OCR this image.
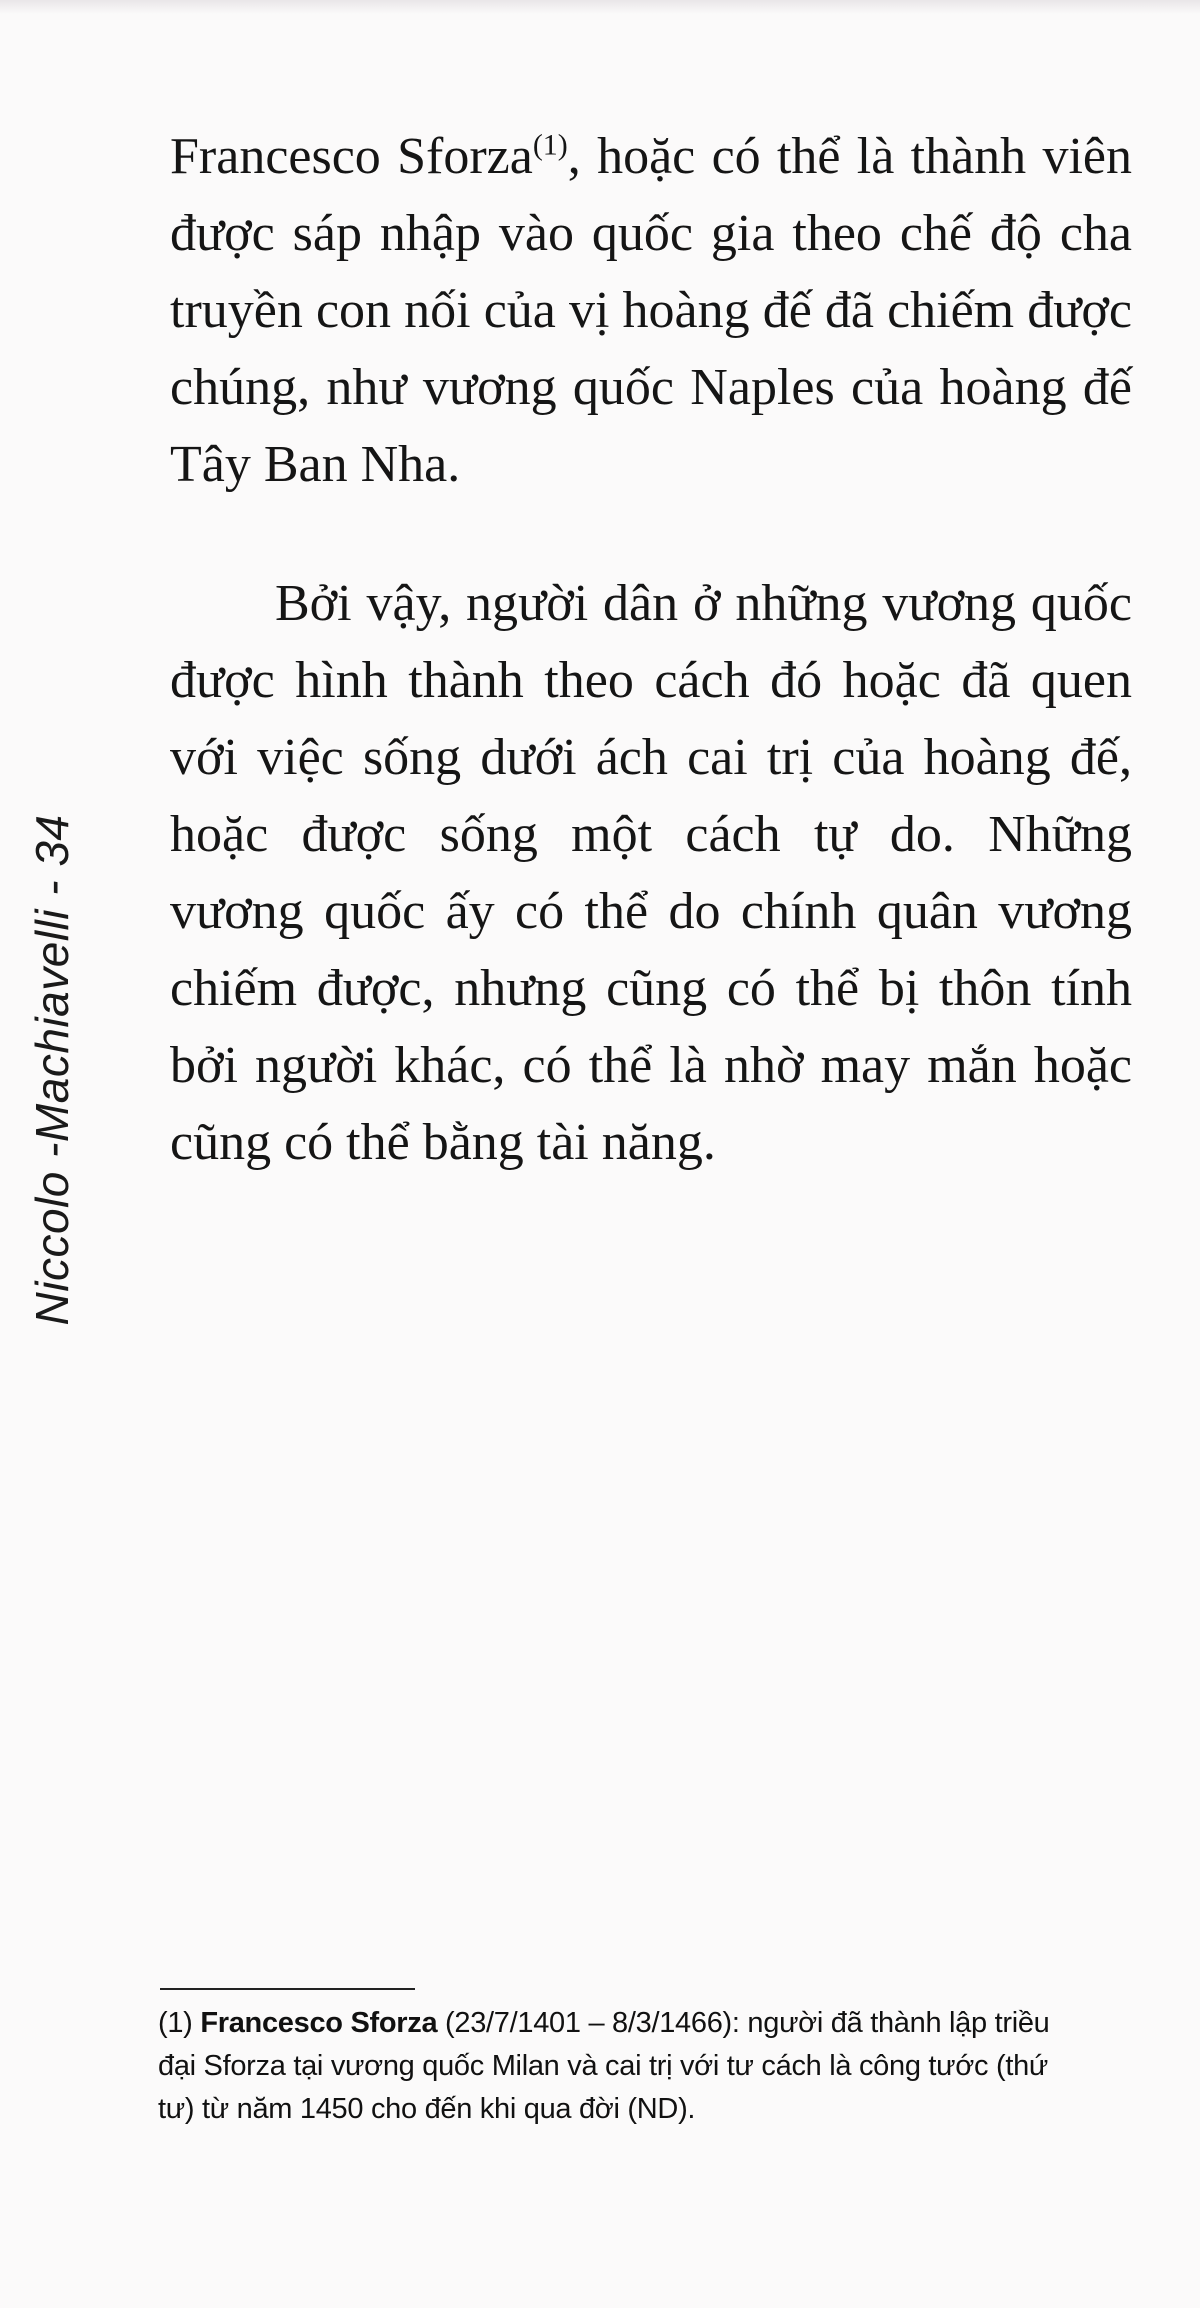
Niccolo -Machiavelli - 34

Francesco Sforza$^{(1)}$, hoặc có thể là thành viên được sáp nhập vào quốc gia theo chế độ cha truyền con nối của vị hoàng đế đã chiếm được chúng, như vương quốc Naples của hoàng đế Tây Ban Nha.

Bởi vậy, người dân ở những vương quốc được hình thành theo cách đó hoặc đã quen với việc sống dưới ách cai trị của hoàng đế, hoặc được sống một cách tự do. Những vương quốc ấy có thể do chính quân vương chiếm được, nhưng cũng có thể bị thôn tính bởi người khác, có thể là nhờ may mắn hoặc cũng có thể bằng tài năng.

(1) Francesco Sforza (23/7/1401 – 8/3/1466): người đã thành lập triều đại Sforza tại vương quốc Milan và cai trị với tư cách là công tước (thứ tư) từ năm 1450 cho đến khi qua đời (ND).
